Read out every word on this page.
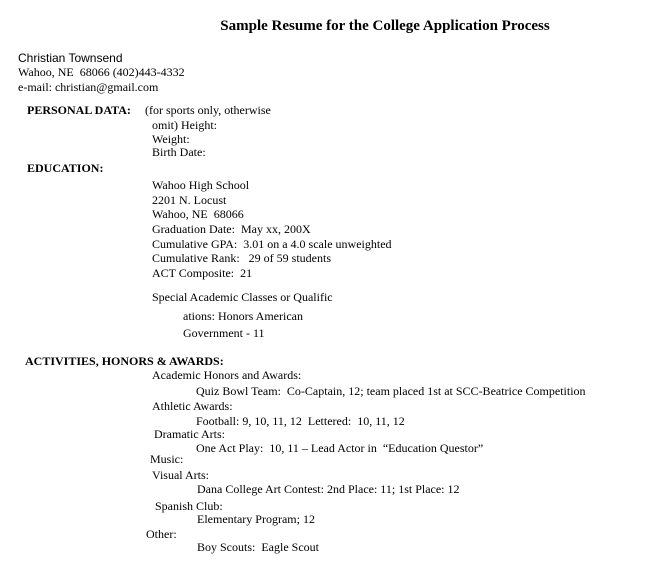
Sample Resume for the College Application Process
Christian Townsend
Wahoo, NE  68066 (402)443-4332
e-mail: christian@gmail.com
PERSONAL DATA: (for sports only, otherwise
omit) Height:
Weight:
Birth Date:
EDUCATION:
Wahoo High School
2201 N. Locust
Wahoo, NE  68066
Graduation Date:  May xx, 200X
Cumulative GPA:  3.01 on a 4.0 scale unweighted
Cumulative Rank:   29 of 59 students
ACT Composite:  21
Special Academic Classes or Qualific
ations: Honors American
Government - 11
ACTIVITIES, HONORS & AWARDS:
Academic Honors and Awards:
Quiz Bowl Team:  Co-Captain, 12; team placed 1st at SCC-Beatrice Competition
Athletic Awards:
Football: 9, 10, 11, 12  Lettered:  10, 11, 12
Dramatic Arts:
One Act Play:  10, 11 – Lead Actor in  “Education Questor”
Music:
Visual Arts:
Dana College Art Contest: 2nd Place: 11; 1st Place: 12
Spanish Club:
Elementary Program; 12
Other:
Boy Scouts:  Eagle Scout
